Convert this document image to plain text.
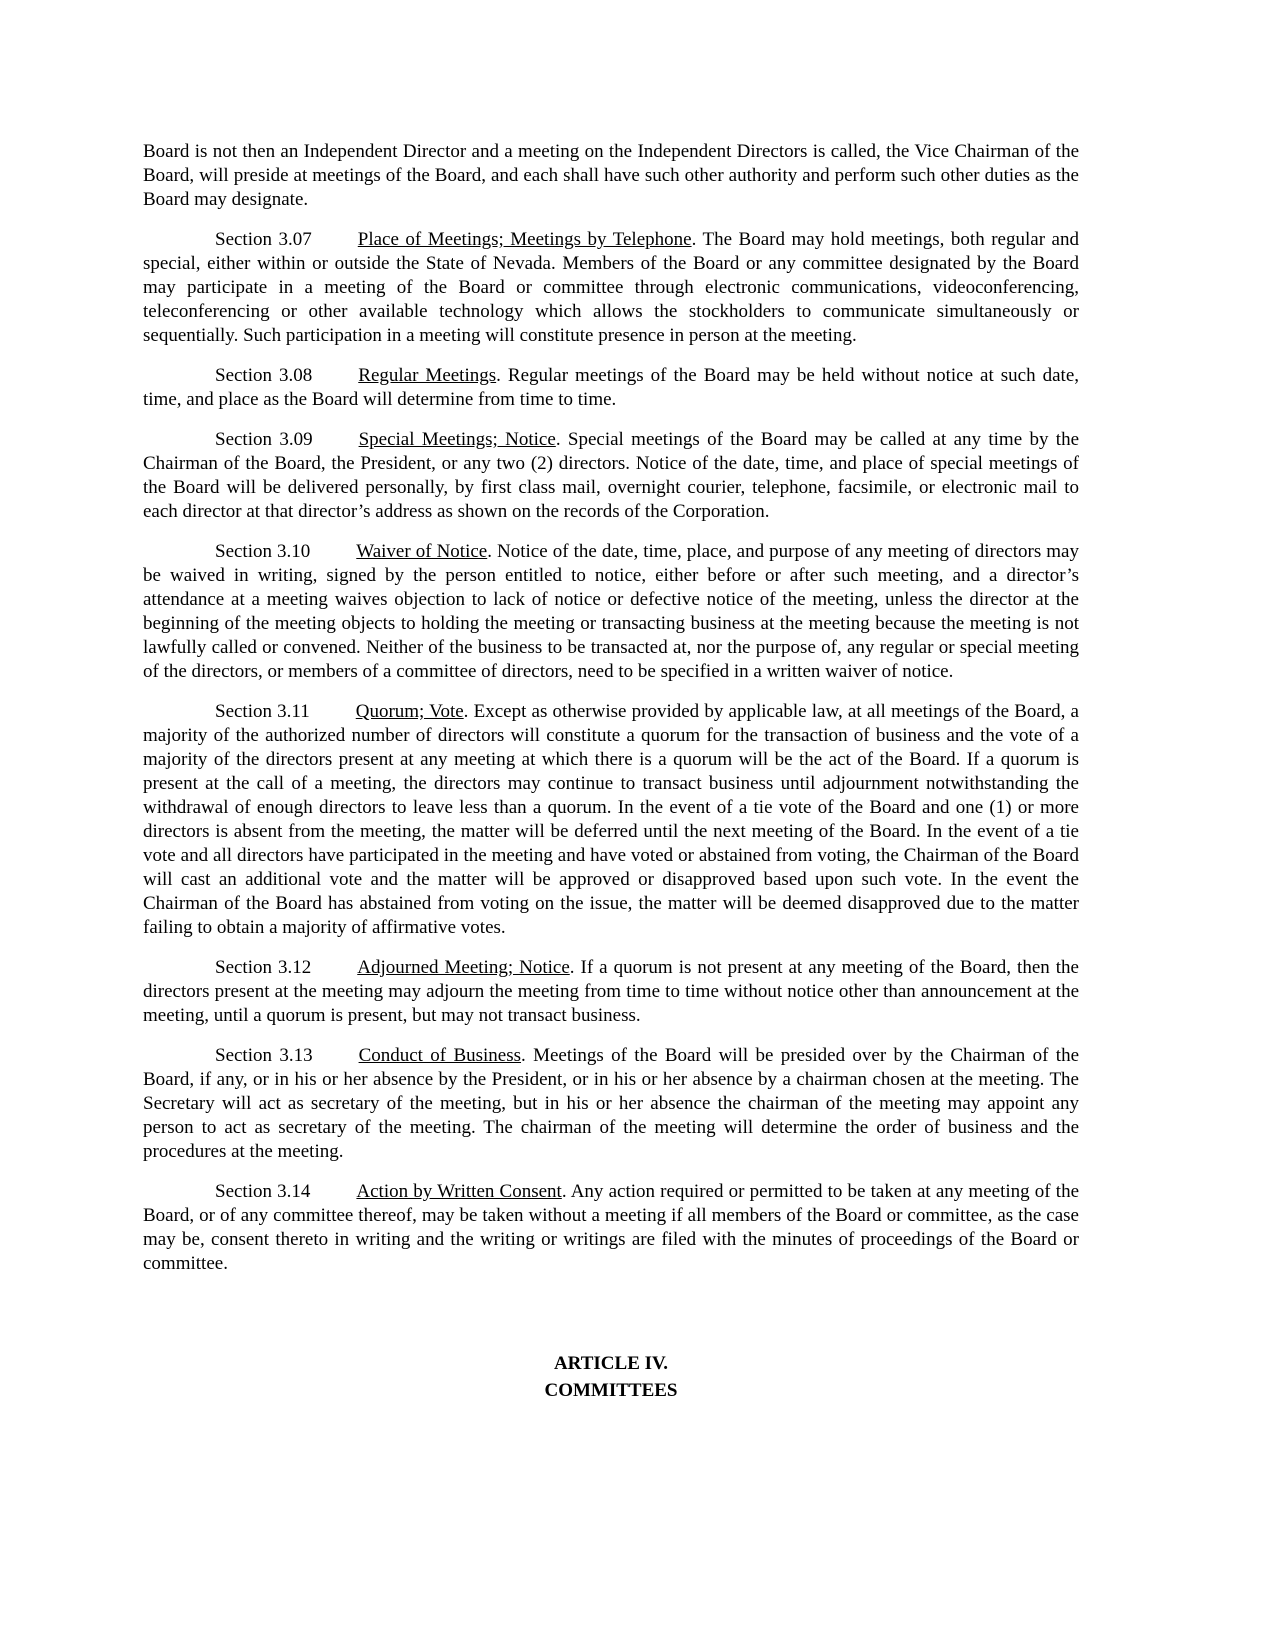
Board is not then an Independent Director and a meeting on the Independent Directors is called, the Vice Chairman of the Board, will preside at meetings of the Board, and each shall have such other authority and perform such other duties as the Board may designate.

Section 3.07 Place of Meetings; Meetings by Telephone. The Board may hold meetings, both regular and special, either within or outside the State of Nevada. Members of the Board or any committee designated by the Board may participate in a meeting of the Board or committee through electronic communications, videoconferencing, teleconferencing or other available technology which allows the stockholders to communicate simultaneously or sequentially. Such participation in a meeting will constitute presence in person at the meeting.

Section 3.08 Regular Meetings. Regular meetings of the Board may be held without notice at such date, time, and place as the Board will determine from time to time.

Section 3.09 Special Meetings; Notice. Special meetings of the Board may be called at any time by the Chairman of the Board, the President, or any two (2) directors. Notice of the date, time, and place of special meetings of the Board will be delivered personally, by first class mail, overnight courier, telephone, facsimile, or electronic mail to each director at that director’s address as shown on the records of the Corporation.

Section 3.10 Waiver of Notice. Notice of the date, time, place, and purpose of any meeting of directors may be waived in writing, signed by the person entitled to notice, either before or after such meeting, and a director’s attendance at a meeting waives objection to lack of notice or defective notice of the meeting, unless the director at the beginning of the meeting objects to holding the meeting or transacting business at the meeting because the meeting is not lawfully called or convened. Neither of the business to be transacted at, nor the purpose of, any regular or special meeting of the directors, or members of a committee of directors, need to be specified in a written waiver of notice.

Section 3.11 Quorum; Vote. Except as otherwise provided by applicable law, at all meetings of the Board, a majority of the authorized number of directors will constitute a quorum for the transaction of business and the vote of a majority of the directors present at any meeting at which there is a quorum will be the act of the Board. If a quorum is present at the call of a meeting, the directors may continue to transact business until adjournment notwithstanding the withdrawal of enough directors to leave less than a quorum. In the event of a tie vote of the Board and one (1) or more directors is absent from the meeting, the matter will be deferred until the next meeting of the Board. In the event of a tie vote and all directors have participated in the meeting and have voted or abstained from voting, the Chairman of the Board will cast an additional vote and the matter will be approved or disapproved based upon such vote. In the event the Chairman of the Board has abstained from voting on the issue, the matter will be deemed disapproved due to the matter failing to obtain a majority of affirmative votes.

Section 3.12 Adjourned Meeting; Notice. If a quorum is not present at any meeting of the Board, then the directors present at the meeting may adjourn the meeting from time to time without notice other than announcement at the meeting, until a quorum is present, but may not transact business.

Section 3.13 Conduct of Business. Meetings of the Board will be presided over by the Chairman of the Board, if any, or in his or her absence by the President, or in his or her absence by a chairman chosen at the meeting. The Secretary will act as secretary of the meeting, but in his or her absence the chairman of the meeting may appoint any person to act as secretary of the meeting. The chairman of the meeting will determine the order of business and the procedures at the meeting.

Section 3.14 Action by Written Consent. Any action required or permitted to be taken at any meeting of the Board, or of any committee thereof, may be taken without a meeting if all members of the Board or committee, as the case may be, consent thereto in writing and the writing or writings are filed with the minutes of proceedings of the Board or committee.

ARTICLE IV.
COMMITTEES
